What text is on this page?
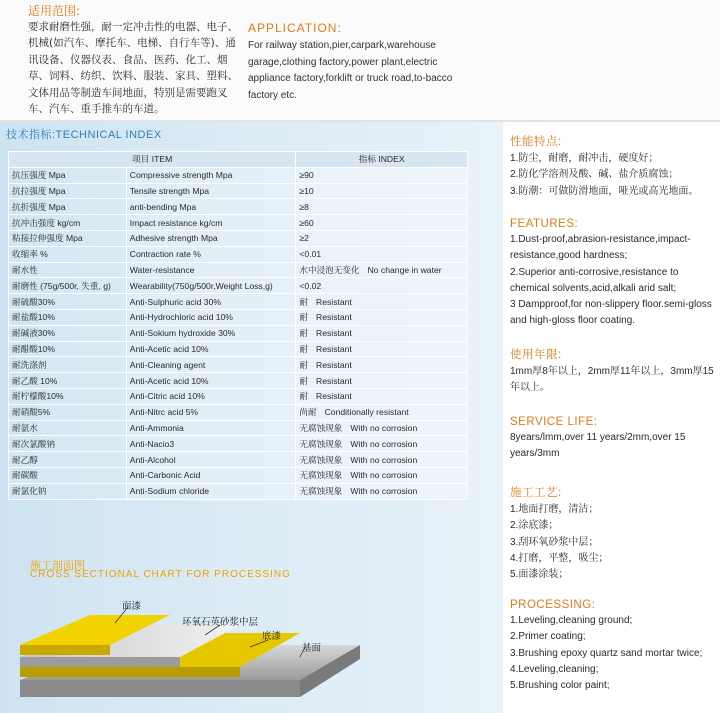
适用范围:
要求耐磨性强，耐一定冲击性的电器、电子、机械(如汽车、摩托车、电梯、自行车等)、通讯设备、仪器仪表、食品、医药、化工、烟草、饲料、纺织、饮料、服装、家具、塑料、文体用品等制造车间地面，特别是需要跑叉车、汽车、重手推车的车道。
APPLICATION:
For railway station,pier,carpark,warehouse garage,clothing factory,power plant,electric appliance factory,forklift or truck road,to-bacco factory etc.
技术指标:TECHNICAL INDEX
项目 ITEM		指标 INDEX
抗压强度 Mpa	Compressive strength Mpa	≥90
抗拉强度 Mpa	Tensile strength Mpa	≥10
抗折强度 Mpa	anti-bending Mpa	≥8
抗冲击强度 kg/cm	Impact resistance kg/cm	≥60
粘接拉伸强度 Mpa	Adhesive strength Mpa	≥2
收缩率 %	Contraction rate %	<0.01
耐水性	Water-resistance	水中浸泡无变化 No change in water
耐磨性 (75g/500r, 失重, g)	Wearability(750g/500r,Weight Loss,g)	<0.02
耐硫酸30%	Anti-Sulphuric acid 30%	耐 Resistant
耐盐酸10%	Anti-Hydrochloric acid 10%	耐 Resistant
耐碱液30%	Anti-Sokium hydroxide 30%	耐 Resistant
耐醋酸10%	Anti-Acetic acid 10%	耐 Resistant
耐洗涤剂	Anti-Cleaning agent	耐 Resistant
耐乙酸 10%	Anti-Acetic acid 10%	耐 Resistant
耐柠檬酸10%	Anti-Citric acid 10%	耐 Resistant
耐硝酸5%	Anti-Nitrc acid 5%	尚耐 Conditionally resistant
耐氨水	Anti-Ammonia	无腐蚀现象 With no corrosion
耐次氯酸钠	Anti-Nacio3	无腐蚀现象 With no corrosion
耐乙醇	Anti-Alcohol	无腐蚀现象 With no corrosion
耐碳酸	Anti-Carbonic Acid	无腐蚀现象 With no corrosion
耐氯化钠	Anti-Sodium chloride	无腐蚀现象 With no corrosion
施工剖面图
CROSS SECTIONAL CHART FOR PROCESSING
面漆
环氧石英砂浆中层
底漆
基面
性能特点:
1.防尘，耐磨，耐冲击，硬度好；
2.防化学溶剂及酸、碱、盐介质腐蚀；
3.防潮：可做防滑地面，哑光或高光地面。
FEATURES:
1.Dust-proof,abrasion-resistance,impact-resistance,good hardness;
2.Superior anti-corrosive,resistance to chemical solvents,acid,alkali arid salt;
3 Dampproof,for non-slippery floor.semi-gloss and high-gloss floor coating.
使用年限:
1mm厚8年以上，2mm厚11年以上，3mm厚15年以上。
SERVICE LIFE:
8years/lmm,over 11 years/2mm,over 15 years/3mm
施工工艺:
1.地面打磨，清洁；
2.涂底漆；
3.刮环氧砂浆中层；
4.打磨，平整，吸尘；
5.面漆涂装；
PROCESSING:
1.Leveling,cleaning ground;
2.Primer coating;
3.Brushing epoxy quartz sand mortar twice;
4.Leveling,cleaning;
5.Brushing color paint;
